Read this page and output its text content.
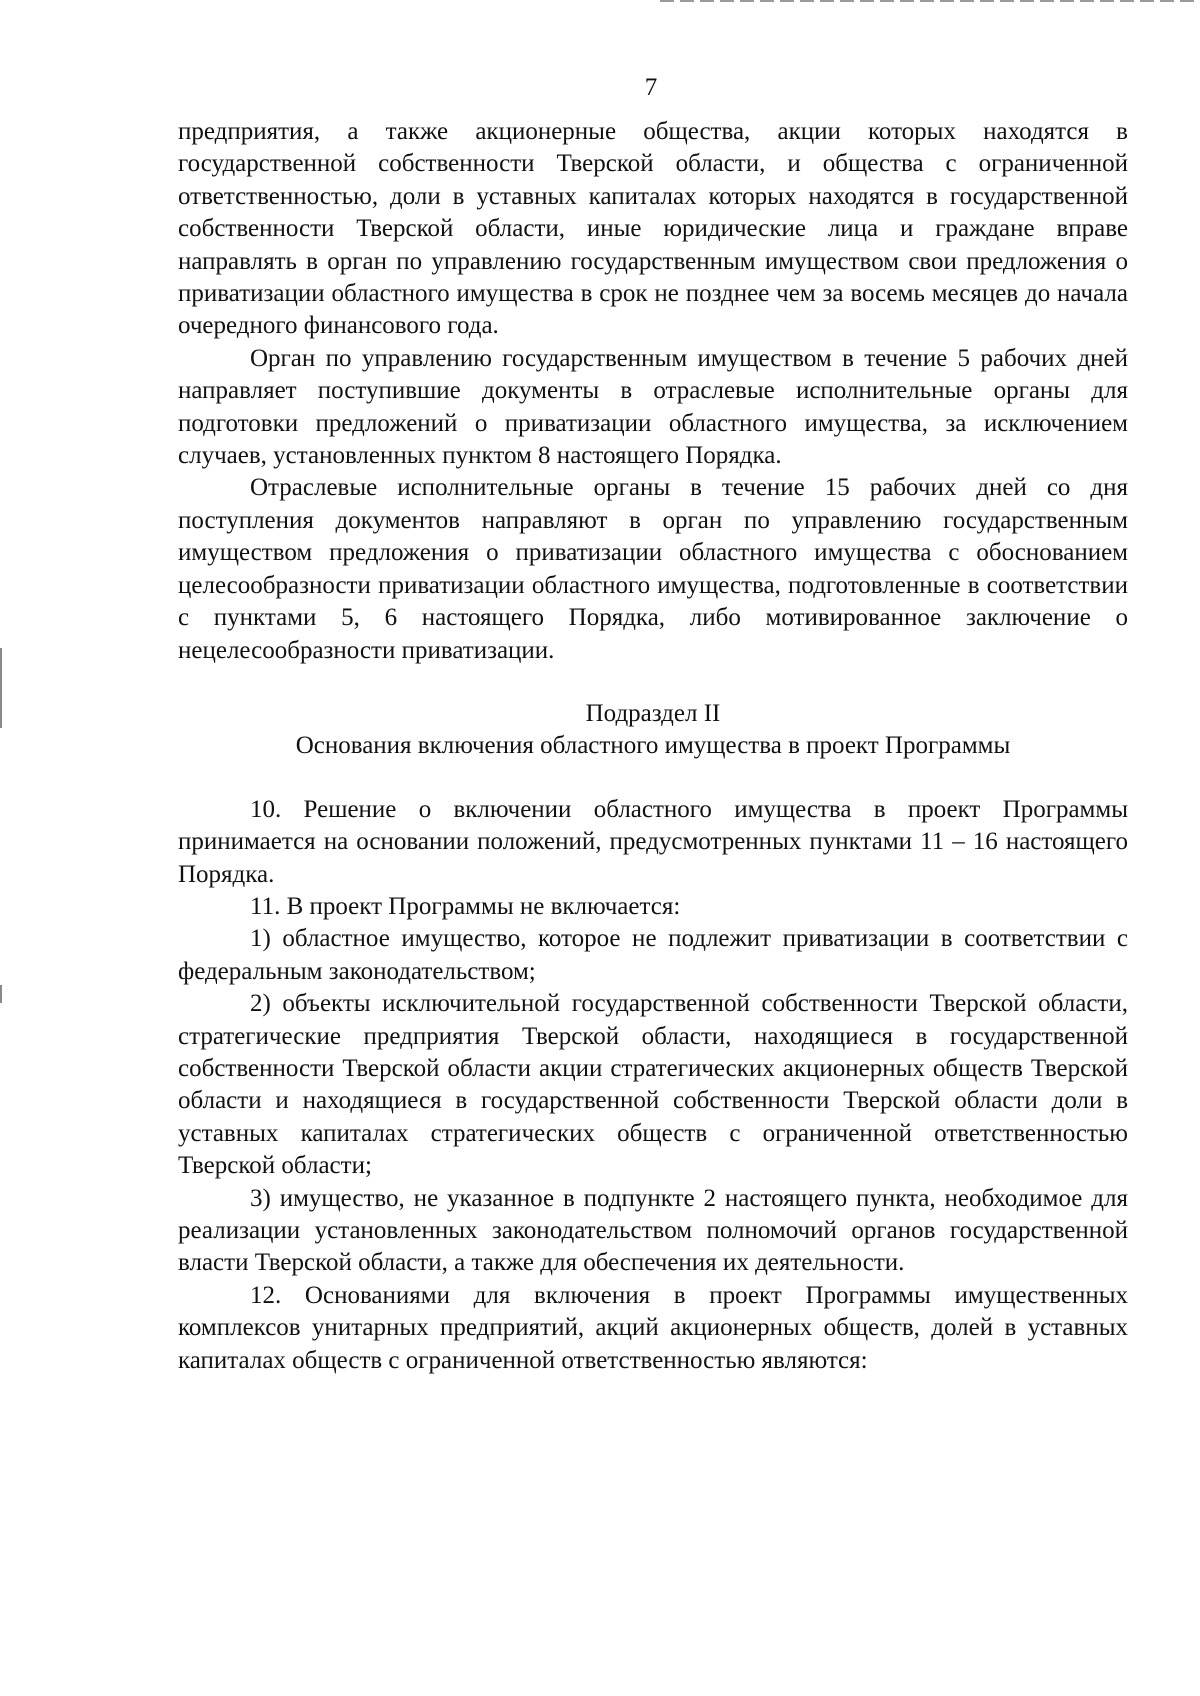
7

предприятия, а также акционерные общества, акции которых находятся в государственной собственности Тверской области, и общества с ограниченной ответственностью, доли в уставных капиталах которых находятся в государственной собственности Тверской области, иные юридические лица и граждане вправе направлять в орган по управлению государственным имуществом свои предложения о приватизации областного имущества в срок не позднее чем за восемь месяцев до начала очередного финансового года.

Орган по управлению государственным имуществом в течение 5 рабочих дней направляет поступившие документы в отраслевые исполнительные органы для подготовки предложений о приватизации областного имущества, за исключением случаев, установленных пунктом 8 настоящего Порядка.

Отраслевые исполнительные органы в течение 15 рабочих дней со дня поступления документов направляют в орган по управлению государственным имуществом предложения о приватизации областного имущества с обоснованием целесообразности приватизации областного имущества, подготовленные в соответствии с пунктами 5, 6 настоящего Порядка, либо мотивированное заключение о нецелесообразности приватизации.

Подраздел II

Основания включения областного имущества в проект Программы

10. Решение о включении областного имущества в проект Программы принимается на основании положений, предусмотренных пунктами 11 – 16 настоящего Порядка.

11. В проект Программы не включается:

1) областное имущество, которое не подлежит приватизации в соответствии с федеральным законодательством;

2) объекты исключительной государственной собственности Тверской области, стратегические предприятия Тверской области, находящиеся в государственной собственности Тверской области акции стратегических акционерных обществ Тверской области и находящиеся в государственной собственности Тверской области доли в уставных капиталах стратегических обществ с ограниченной ответственностью Тверской области;

3) имущество, не указанное в подпункте 2 настоящего пункта, необходимое для реализации установленных законодательством полномочий органов государственной власти Тверской области, а также для обеспечения их деятельности.

12. Основаниями для включения в проект Программы имущественных комплексов унитарных предприятий, акций акционерных обществ, долей в уставных капиталах обществ с ограниченной ответственностью являются:
